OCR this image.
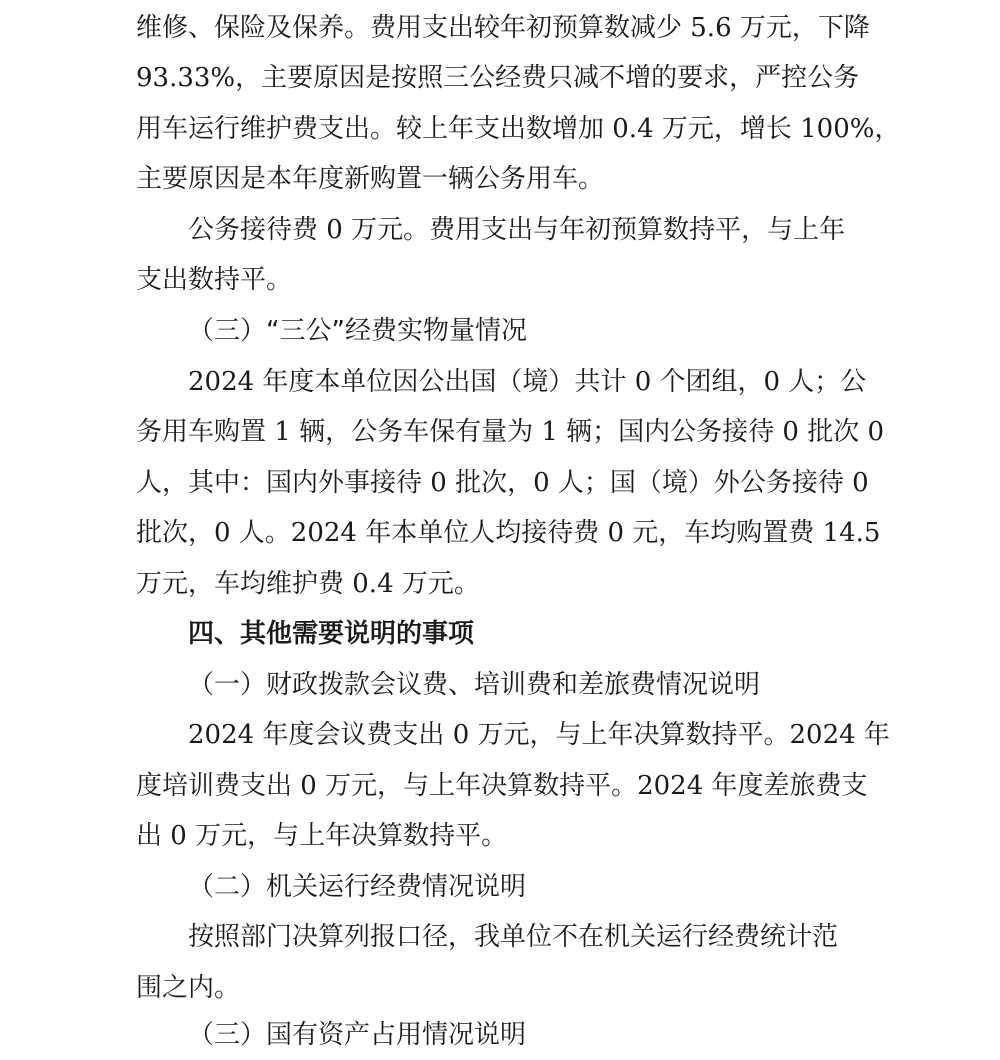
维修、保险及保养。费用支出较年初预算数减少 5.6 万元，下降
93.33%，主要原因是按照三公经费只减不增的要求，严控公务
用车运行维护费支出。较上年支出数增加 0.4 万元，增长 100%，
主要原因是本年度新购置一辆公务用车。
公务接待费 0 万元。费用支出与年初预算数持平，与上年
支出数持平。
（三）“三公”经费实物量情况
2024 年度本单位因公出国（境）共计 0 个团组，0 人；公
务用车购置 1 辆，公务车保有量为 1 辆；国内公务接待 0 批次 0
人，其中：国内外事接待 0 批次，0 人；国（境）外公务接待 0
批次，0 人。2024 年本单位人均接待费 0 元，车均购置费 14.5
万元，车均维护费 0.4 万元。
四、其他需要说明的事项
（一）财政拨款会议费、培训费和差旅费情况说明
2024 年度会议费支出 0 万元，与上年决算数持平。2024 年
度培训费支出 0 万元，与上年决算数持平。2024 年度差旅费支
出 0 万元，与上年决算数持平。
（二）机关运行经费情况说明
按照部门决算列报口径，我单位不在机关运行经费统计范
围之内。
（三）国有资产占用情况说明
